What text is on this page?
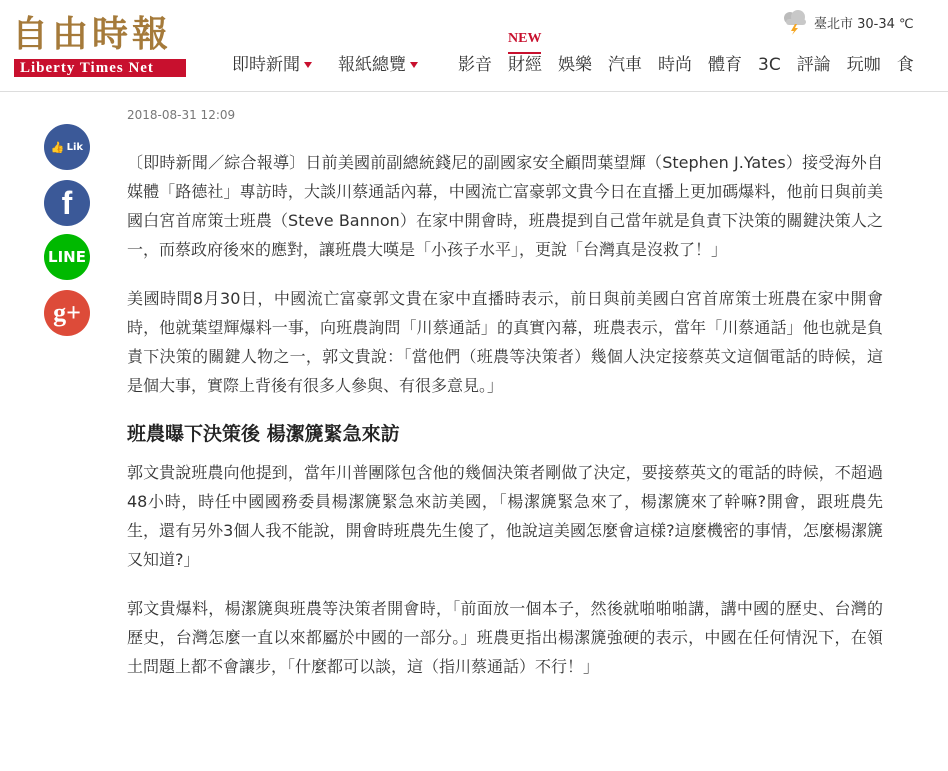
自由時報
Liberty Times Net
臺北市 30-34 ℃
即時新聞	報紙總覽	影音 財經
NEW
娛樂 汽車 時尚 體育 3C 評論 玩咖 食
2018-08-31 12:09
👍 Lik
f
LINE
g+

〔即時新聞／綜合報導〕日前美國前副總統錢尼的副國家安全顧問葉望輝（Stephen J.Yates）接受海外自媒體「路德社」專訪時，大談川蔡通話內幕，中國流亡富豪郭文貴今日在直播上更加碼爆料，他前日與前美國白宮首席策士班農（Steve Bannon）在家中開會時，班農提到自己當年就是負責下決策的關鍵決策人之一，而蔡政府後來的應對，讓班農大嘆是「小孩子水平」，更說「台灣真是沒救了！」

美國時間8月30日，中國流亡富豪郭文貴在家中直播時表示，前日與前美國白宮首席策士班農在家中開會時，他就葉望輝爆料一事，向班農詢問「川蔡通話」的真實內幕，班農表示，當年「川蔡通話」他也就是負責下決策的關鍵人物之一，郭文貴說：「當他們（班農等決策者）幾個人決定接蔡英文這個電話的時候，這是個大事，實際上背後有很多人參與、有很多意見。」

班農曝下決策後 楊潔篪緊急來訪

郭文貴說班農向他提到，當年川普團隊包含他的幾個決策者剛做了決定，要接蔡英文的電話的時候，不超過48小時，時任中國國務委員楊潔篪緊急來訪美國，「楊潔篪緊急來了，楊潔篪來了幹嘛?開會，跟班農先生，還有另外3個人我不能說，開會時班農先生傻了，他說這美國怎麼會這樣?這麼機密的事情，怎麼楊潔篪又知道?」

郭文貴爆料，楊潔篪與班農等決策者開會時，「前面放一個本子，然後就啪啪啪講，講中國的歷史、台灣的歷史，台灣怎麼一直以來都屬於中國的一部分。」班農更指出楊潔篪強硬的表示，中國在任何情況下，在領土問題上都不會讓步，「什麼都可以談，這（指川蔡通話）不行！」
